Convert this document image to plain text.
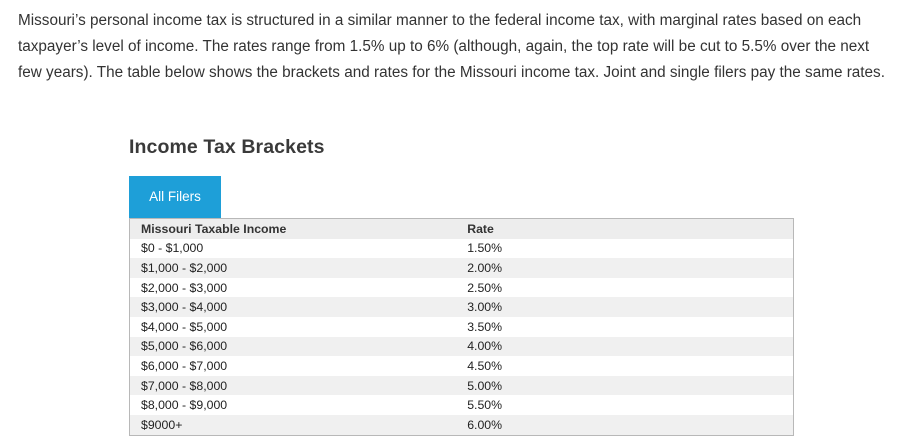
Missouri’s personal income tax is structured in a similar manner to the federal income tax, with marginal rates based on each taxpayer’s level of income. The rates range from 1.5% up to 6% (although, again, the top rate will be cut to 5.5% over the next few years). The table below shows the brackets and rates for the Missouri income tax. Joint and single filers pay the same rates.

Income Tax Brackets
All Filers
Missouri Taxable Income	Rate
$0 - $1,000	1.50%
$1,000 - $2,000	2.00%
$2,000 - $3,000	2.50%
$3,000 - $4,000	3.00%
$4,000 - $5,000	3.50%
$5,000 - $6,000	4.00%
$6,000 - $7,000	4.50%
$7,000 - $8,000	5.00%
$8,000 - $9,000	5.50%
$9000+	6.00%
